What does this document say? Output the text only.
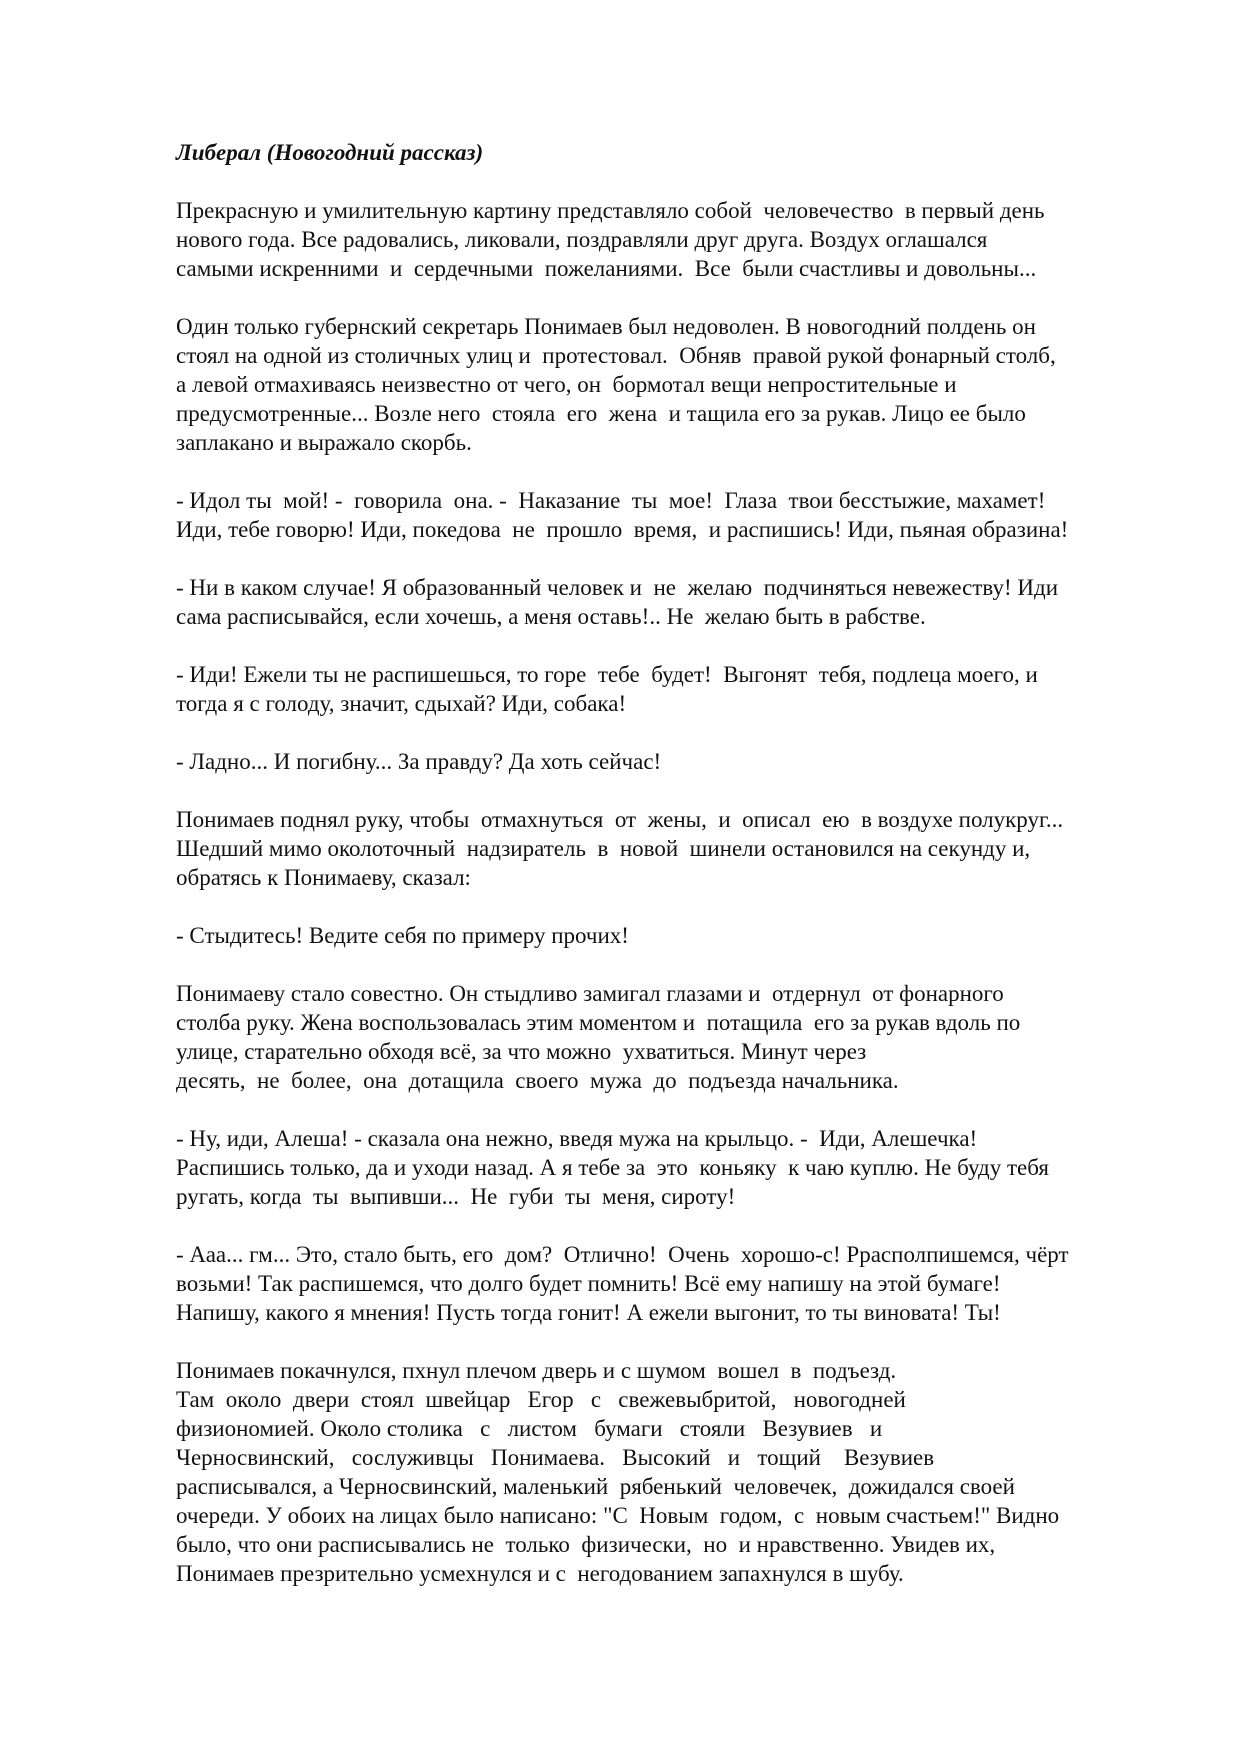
Либерал (Новогодний рассказ)
Прекрасную и умилительную картину представляло собой  человечество  в первый день
нового года. Все радовались, ликовали, поздравляли друг друга. Воздух оглашался
самыми искренними  и  сердечными  пожеланиями.  Все  были счастливы и довольны...
Один только губернский секретарь Понимаев был недоволен. В новогодний полдень он
стоял на одной из столичных улиц и  протестовал.  Обняв  правой рукой фонарный столб,
а левой отмахиваясь неизвестно от чего, он  бормотал вещи непростительные и
предусмотренные... Возле него  стояла  его  жена  и тащила его за рукав. Лицо ее было
заплакано и выражало скорбь.
- Идол ты  мой! -  говорила  она. -  Наказание  ты  мое!  Глаза  твои бесстыжие, махамет!
Иди, тебе говорю! Иди, покедова  не  прошло  время,  и распишись! Иди, пьяная образина!
- Ни в каком случае! Я образованный человек и  не  желаю  подчиняться невежеству! Иди
сама расписывайся, если хочешь, а меня оставь!.. Не  желаю быть в рабстве.
- Иди! Ежели ты не распишешься, то горе  тебе  будет!  Выгонят  тебя, подлеца моего, и
тогда я с голоду, значит, сдыхай? Иди, собака!
- Ладно... И погибну... За правду? Да хоть сейчас!
Понимаев поднял руку, чтобы  отмахнуться  от  жены,  и  описал  ею  в воздухе полукруг...
Шедший мимо околоточный  надзиратель  в  новой  шинели остановился на секунду и,
обратясь к Понимаеву, сказал:
- Стыдитесь! Ведите себя по примеру прочих!
Понимаеву стало совестно. Он стыдливо замигал глазами и  отдернул  от фонарного
столба руку. Жена воспользовалась этим моментом и  потащила  его за рукав вдоль по
улице, старательно обходя всё, за что можно  ухватиться. Минут через
десять,  не  более,  она  дотащила  своего  мужа  до  подъезда начальника.
- Ну, иди, Алеша! - сказала она нежно, введя мужа на крыльцо. -  Иди, Алешечка!
Распишись только, да и уходи назад. А я тебе за  это  коньяку  к чаю куплю. Не буду тебя
ругать, когда  ты  выпивши...  Не  губи  ты  меня, сироту!
- Ааа... гм... Это, стало быть, его  дом?  Отлично!  Очень  хорошо-с! Ррасполпишемся, чёрт
возьми! Так распишемся, что долго будет помнить! Всё ему напишу на этой бумаге!
Напишу, какого я мнения! Пусть тогда гонит! А ежели выгонит, то ты виновата! Ты!
Понимаев покачнулся, пхнул плечом дверь и с шумом  вошел  в  подъезд.
Там  около  двери  стоял  швейцар   Егор   с   свежевыбритой,   новогодней
физиономией. Около столика   с   листом   бумаги   стояли   Везувиев   и
Черносвинский,   сослуживцы   Понимаева.   Высокий   и   тощий    Везувиев
расписывался, а Черносвинский, маленький  рябенький  человечек,  дожидался своей
очереди. У обоих на лицах было написано: "С  Новым  годом,  с  новым счастьем!" Видно
было, что они расписывались не  только  физически,  но  и нравственно. Увидев их,
Понимаев презрительно усмехнулся и с  негодованием запахнулся в шубу.
